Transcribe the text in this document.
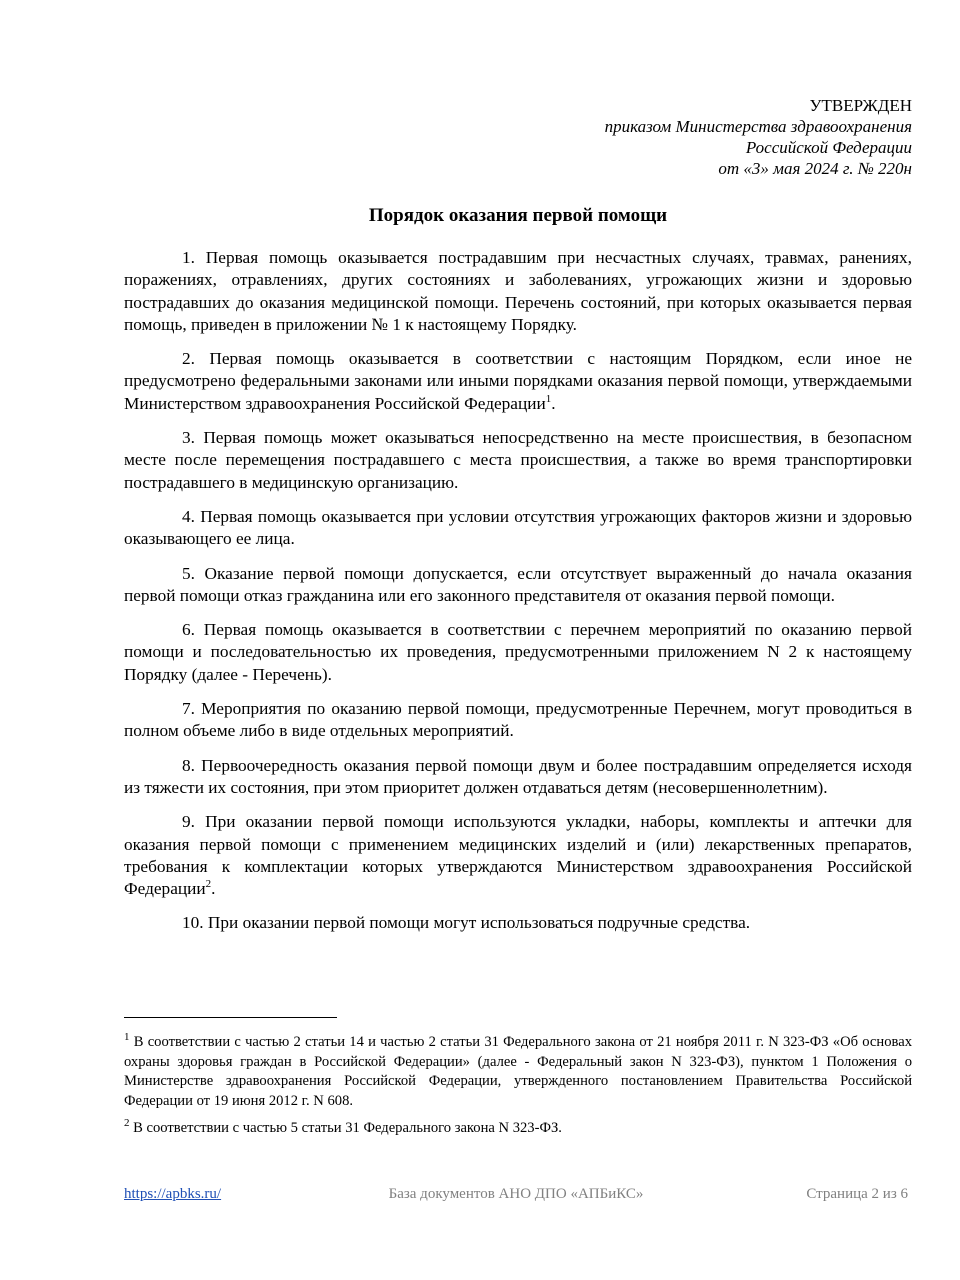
УТВЕРЖДЕН
приказом Министерства здравоохранения
Российской Федерации
от «3» мая 2024 г. № 220н
Порядок оказания первой помощи

1. Первая помощь оказывается пострадавшим при несчастных случаях, травмах, ранениях, поражениях, отравлениях, других состояниях и заболеваниях, угрожающих жизни и здоровью пострадавших до оказания медицинской помощи. Перечень состояний, при которых оказывается первая помощь, приведен в приложении № 1 к настоящему Порядку.

2. Первая помощь оказывается в соответствии с настоящим Порядком, если иное не предусмотрено федеральными законами или иными порядками оказания первой помощи, утверждаемыми Министерством здравоохранения Российской Федерации$^1$.

3. Первая помощь может оказываться непосредственно на месте происшествия, в безопасном месте после перемещения пострадавшего с места происшествия, а также во время транспортировки пострадавшего в медицинскую организацию.

4. Первая помощь оказывается при условии отсутствия угрожающих факторов жизни и здоровью оказывающего ее лица.

5. Оказание первой помощи допускается, если отсутствует выраженный до начала оказания первой помощи отказ гражданина или его законного представителя от оказания первой помощи.

6. Первая помощь оказывается в соответствии с перечнем мероприятий по оказанию первой помощи и последовательностью их проведения, предусмотренными приложением N 2 к настоящему Порядку (далее - Перечень).

7. Мероприятия по оказанию первой помощи, предусмотренные Перечнем, могут проводиться в полном объеме либо в виде отдельных мероприятий.

8. Первоочередность оказания первой помощи двум и более пострадавшим определяется исходя из тяжести их состояния, при этом приоритет должен отдаваться детям (несовершеннолетним).

9. При оказании первой помощи используются укладки, наборы, комплекты и аптечки для оказания первой помощи с применением медицинских изделий и (или) лекарственных препаратов, требования к комплектации которых утверждаются Министерством здравоохранения Российской Федерации$^2$.

10. При оказании первой помощи могут использоваться подручные средства.

$^1$ В соответствии с частью 2 статьи 14 и частью 2 статьи 31 Федерального закона от 21 ноября 2011 г. N 323-ФЗ «Об основах охраны здоровья граждан в Российской Федерации» (далее - Федеральный закон N 323-ФЗ), пунктом 1 Положения о Министерстве здравоохранения Российской Федерации, утвержденного постановлением Правительства Российской Федерации от 19 июня 2012 г. N 608.

$^2$ В соответствии с частью 5 статьи 31 Федерального закона N 323-ФЗ.

https://apbks.ru/	База документов АНО ДПО «АПБиКС»	Страница 2 из 6
